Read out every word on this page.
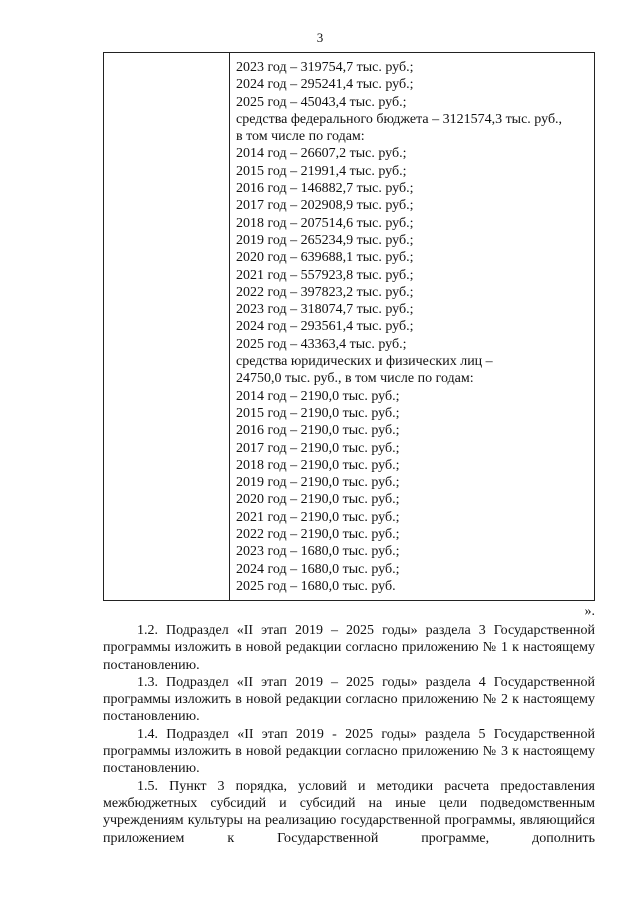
3
2023 год – 319754,7 тыс. руб.;
2024 год – 295241,4 тыс. руб.;
2025 год – 45043,4 тыс. руб.;
средства федерального бюджета – 3121574,3 тыс. руб.,
в том числе по годам:
2014 год – 26607,2 тыс. руб.;
2015 год – 21991,4 тыс. руб.;
2016 год – 146882,7 тыс. руб.;
2017 год – 202908,9 тыс. руб.;
2018 год – 207514,6 тыс. руб.;
2019 год – 265234,9 тыс. руб.;
2020 год – 639688,1 тыс. руб.;
2021 год – 557923,8 тыс. руб.;
2022 год – 397823,2 тыс. руб.;
2023 год – 318074,7 тыс. руб.;
2024 год – 293561,4 тыс. руб.;
2025 год – 43363,4 тыс. руб.;
средства юридических и физических лиц –
24750,0 тыс. руб., в том числе по годам:
2014 год – 2190,0 тыс. руб.;
2015 год – 2190,0 тыс. руб.;
2016 год – 2190,0 тыс. руб.;
2017 год – 2190,0 тыс. руб.;
2018 год – 2190,0 тыс. руб.;
2019 год – 2190,0 тыс. руб.;
2020 год – 2190,0 тыс. руб.;
2021 год – 2190,0 тыс. руб.;
2022 год – 2190,0 тыс. руб.;
2023 год – 1680,0 тыс. руб.;
2024 год – 1680,0 тыс. руб.;
2025 год – 1680,0 тыс. руб.
».

1.2. Подраздел «II этап 2019 – 2025 годы» раздела 3 Государственной программы изложить в новой редакции согласно приложению № 1 к настоящему постановлению.

1.3. Подраздел «II этап 2019 – 2025 годы» раздела 4 Государственной программы изложить в новой редакции согласно приложению № 2 к настоящему постановлению.

1.4. Подраздел «II этап 2019 - 2025 годы» раздела 5 Государственной программы изложить в новой редакции согласно приложению № 3 к настоящему постановлению.

1.5. Пункт 3 порядка, условий и методики расчета предоставления межбюджетных субсидий и субсидий на иные цели подведомственным учреждениям культуры на реализацию государственной программы, являющийся приложением к Государственной программе, дополнить
